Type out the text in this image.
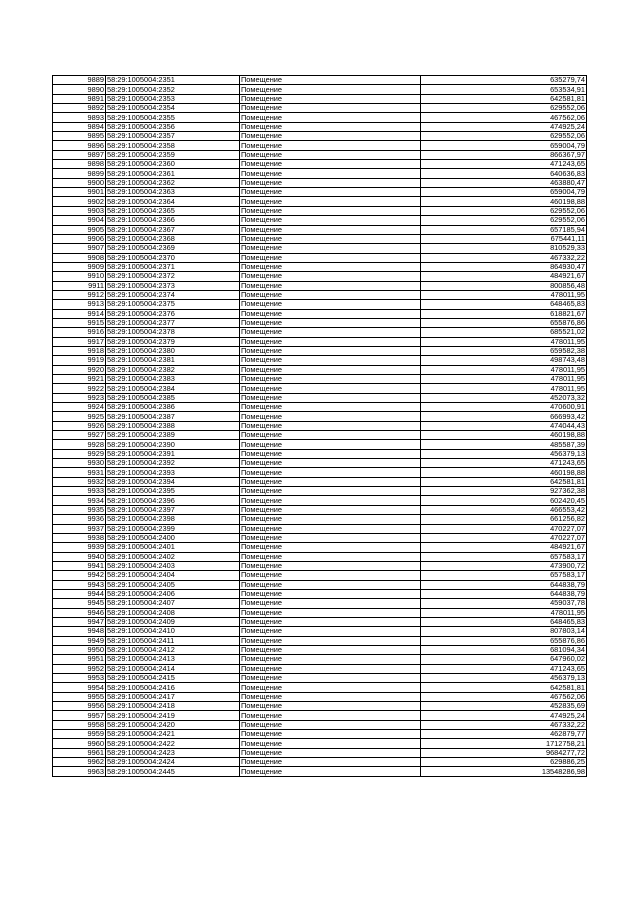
9889	58:29:1005004:2351	Помещение	635279,74
9890	58:29:1005004:2352	Помещение	653534,91
9891	58:29:1005004:2353	Помещение	642581,81
9892	58:29:1005004:2354	Помещение	629552,06
9893	58:29:1005004:2355	Помещение	467562,06
9894	58:29:1005004:2356	Помещение	474925,24
9895	58:29:1005004:2357	Помещение	629552,06
9896	58:29:1005004:2358	Помещение	659004,79
9897	58:29:1005004:2359	Помещение	866367,97
9898	58:29:1005004:2360	Помещение	471243,65
9899	58:29:1005004:2361	Помещение	640636,83
9900	58:29:1005004:2362	Помещение	463880,47
9901	58:29:1005004:2363	Помещение	659004,79
9902	58:29:1005004:2364	Помещение	460198,88
9903	58:29:1005004:2365	Помещение	629552,06
9904	58:29:1005004:2366	Помещение	629552,06
9905	58:29:1005004:2367	Помещение	657185,94
9906	58:29:1005004:2368	Помещение	675441,11
9907	58:29:1005004:2369	Помещение	810529,33
9908	58:29:1005004:2370	Помещение	467332,22
9909	58:29:1005004:2371	Помещение	864930,47
9910	58:29:1005004:2372	Помещение	484921,67
9911	58:29:1005004:2373	Помещение	800856,48
9912	58:29:1005004:2374	Помещение	478011,95
9913	58:29:1005004:2375	Помещение	648465,83
9914	58:29:1005004:2376	Помещение	618821,67
9915	58:29:1005004:2377	Помещение	655876,86
9916	58:29:1005004:2378	Помещение	685521,02
9917	58:29:1005004:2379	Помещение	478011,95
9918	58:29:1005004:2380	Помещение	659582,38
9919	58:29:1005004:2381	Помещение	498743,48
9920	58:29:1005004:2382	Помещение	478011,95
9921	58:29:1005004:2383	Помещение	478011,95
9922	58:29:1005004:2384	Помещение	478011,95
9923	58:29:1005004:2385	Помещение	452073,32
9924	58:29:1005004:2386	Помещение	470600,91
9925	58:29:1005004:2387	Помещение	666993,42
9926	58:29:1005004:2388	Помещение	474044,43
9927	58:29:1005004:2389	Помещение	460198,88
9928	58:29:1005004:2390	Помещение	485587,39
9929	58:29:1005004:2391	Помещение	456379,13
9930	58:29:1005004:2392	Помещение	471243,65
9931	58:29:1005004:2393	Помещение	460198,88
9932	58:29:1005004:2394	Помещение	642581,81
9933	58:29:1005004:2395	Помещение	927362,38
9934	58:29:1005004:2396	Помещение	602420,45
9935	58:29:1005004:2397	Помещение	466553,42
9936	58:29:1005004:2398	Помещение	661256,82
9937	58:29:1005004:2399	Помещение	470227,07
9938	58:29:1005004:2400	Помещение	470227,07
9939	58:29:1005004:2401	Помещение	484921,67
9940	58:29:1005004:2402	Помещение	657583,17
9941	58:29:1005004:2403	Помещение	473900,72
9942	58:29:1005004:2404	Помещение	657583,17
9943	58:29:1005004:2405	Помещение	644838,79
9944	58:29:1005004:2406	Помещение	644838,79
9945	58:29:1005004:2407	Помещение	459037,78
9946	58:29:1005004:2408	Помещение	478011,95
9947	58:29:1005004:2409	Помещение	648465,83
9948	58:29:1005004:2410	Помещение	807803,14
9949	58:29:1005004:2411	Помещение	655876,86
9950	58:29:1005004:2412	Помещение	681094,34
9951	58:29:1005004:2413	Помещение	647960,02
9952	58:29:1005004:2414	Помещение	471243,65
9953	58:29:1005004:2415	Помещение	456379,13
9954	58:29:1005004:2416	Помещение	642581,81
9955	58:29:1005004:2417	Помещение	467562,06
9956	58:29:1005004:2418	Помещение	452835,69
9957	58:29:1005004:2419	Помещение	474925,24
9958	58:29:1005004:2420	Помещение	467332,22
9959	58:29:1005004:2421	Помещение	462879,77
9960	58:29:1005004:2422	Помещение	1712758,21
9961	58:29:1005004:2423	Помещение	9684277,72
9962	58:29:1005004:2424	Помещение	629886,25
9963	58:29:1005004:2445	Помещение	13548286,98
